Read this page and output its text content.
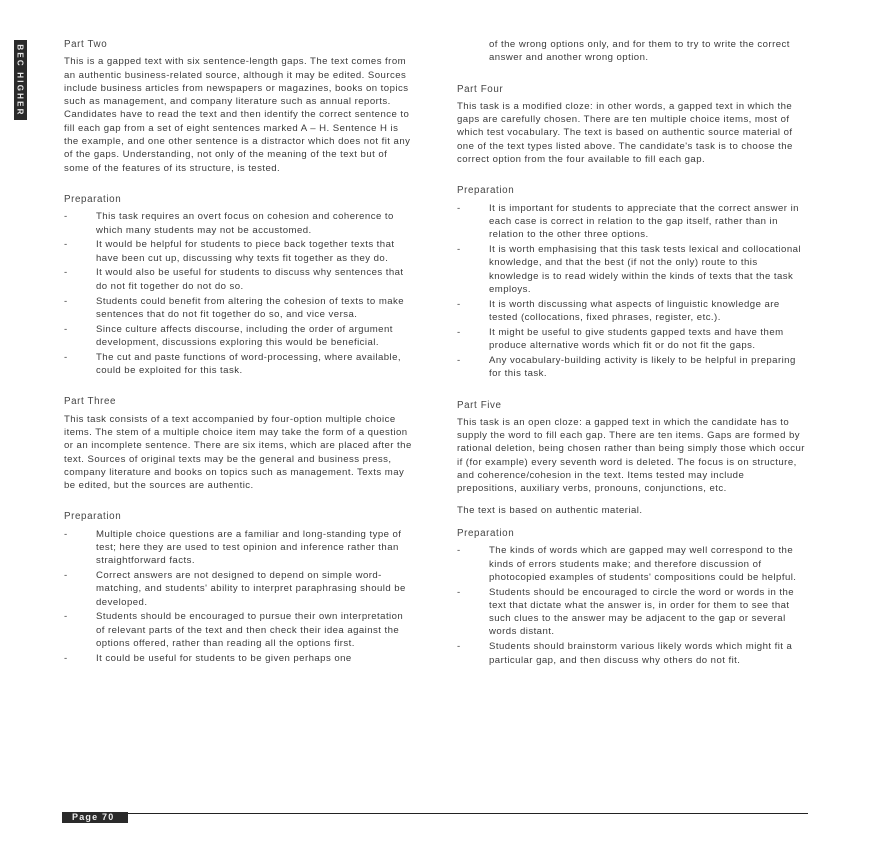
BEC HIGHER	Part Two

This is a gapped text with six sentence-length gaps. The text comes from an authentic business-related source, although it may be edited. Sources include business articles from newspapers or magazines, books on topics such as management, and company literature such as annual reports. Candidates have to read the text and then identify the correct sentence to fill each gap from a set of eight sentences marked A – H. Sentence H is the example, and one other sentence is a distractor which does not fit any of the gaps. Understanding, not only of the meaning of the text but of some of the features of its structure, is tested.

Preparation

-	This task requires an overt focus on cohesion and coherence to which many students may not be accustomed.
-	It would be helpful for students to piece back together texts that have been cut up, discussing why texts fit together as they do.
-	It would also be useful for students to discuss why sentences that do not fit together do not do so.
-	Students could benefit from altering the cohesion of texts to make sentences that do not fit together do so, and vice versa.
-	Since culture affects discourse, including the order of argument development, discussions exploring this would be beneficial.
-	The cut and paste functions of word-processing, where available, could be exploited for this task.

Part Three

This task consists of a text accompanied by four-option multiple choice items. The stem of a multiple choice item may take the form of a question or an incomplete sentence. There are six items, which are placed after the text. Sources of original texts may be the general and business press, company literature and books on topics such as management. Texts may be edited, but the sources are authentic.

Preparation

-	Multiple choice questions are a familiar and long-standing type of test; here they are used to test opinion and inference rather than straightforward facts.
-	Correct answers are not designed to depend on simple word-matching, and students' ability to interpret paraphrasing should be developed.
-	Students should be encouraged to pursue their own interpretation of relevant parts of the text and then check their idea against the options offered, rather than reading all the options first.
-	It could be useful for students to be given perhaps one

of the wrong options only, and for them to try to write the correct answer and another wrong option.

Part Four

This task is a modified cloze: in other words, a gapped text in which the gaps are carefully chosen. There are ten multiple choice items, most of which test vocabulary. The text is based on authentic source material of one of the text types listed above. The candidate's task is to choose the correct option from the four available to fill each gap.

Preparation

-	It is important for students to appreciate that the correct answer in each case is correct in relation to the gap itself, rather than in relation to the other three options.
-	It is worth emphasising that this task tests lexical and collocational knowledge, and that the best (if not the only) route to this knowledge is to read widely within the kinds of texts that the task employs.
-	It is worth discussing what aspects of linguistic knowledge are tested (collocations, fixed phrases, register, etc.).
-	It might be useful to give students gapped texts and have them produce alternative words which fit or do not fit the gaps.
-	Any vocabulary-building activity is likely to be helpful in preparing for this task.

Part Five

This task is an open cloze: a gapped text in which the candidate has to supply the word to fill each gap. There are ten items. Gaps are formed by rational deletion, being chosen rather than being simply those which occur if (for example) every seventh word is deleted. The focus is on structure, and coherence/cohesion in the text. Items tested may include prepositions, auxiliary verbs, pronouns, conjunctions, etc.

The text is based on authentic material.

Preparation

-	The kinds of words which are gapped may well correspond to the kinds of errors students make; and therefore discussion of photocopied examples of students' compositions could be helpful.
-	Students should be encouraged to circle the word or words in the text that dictate what the answer is, in order for them to see that such clues to the answer may be adjacent to the gap or several words distant.
-	Students should brainstorm various likely words which might fit a particular gap, and then discuss why others do not fit.
Page 70
